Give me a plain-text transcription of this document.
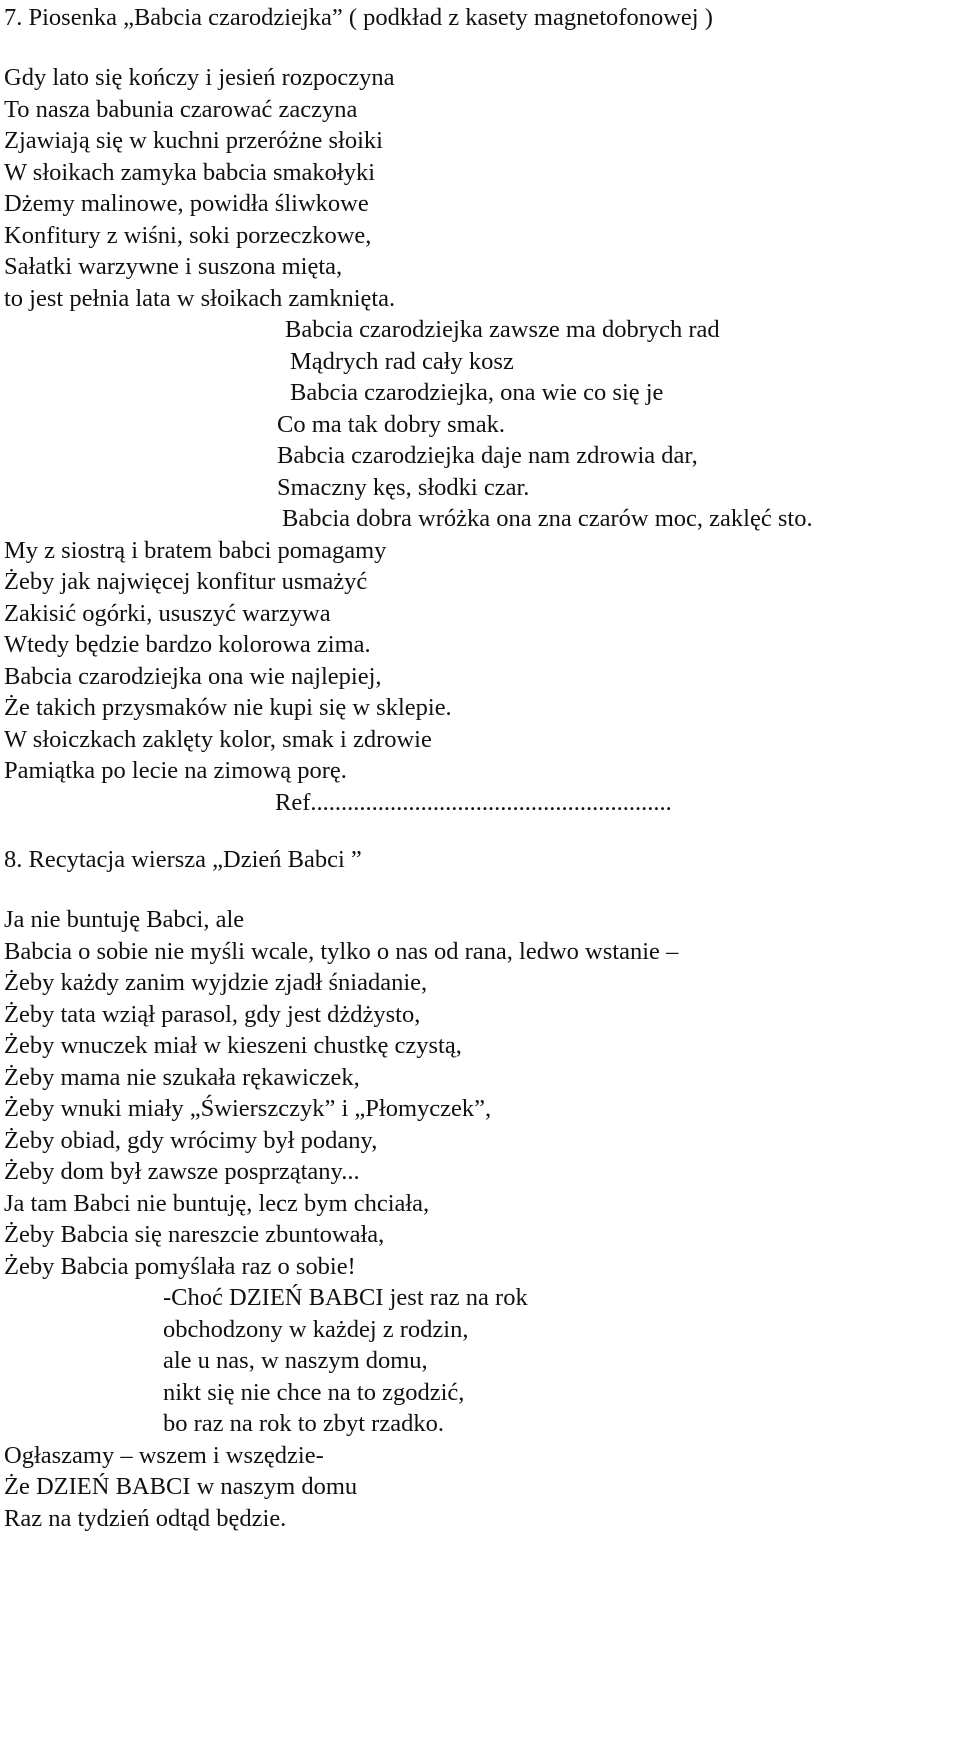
7. Piosenka „Babcia czarodziejka” ( podkład z kasety magnetofonowej )

Gdy lato się kończy i jesień rozpoczyna

To nasza babunia czarować zaczyna

Zjawiają się w kuchni przeróżne słoiki

W słoikach zamyka babcia smakołyki

Dżemy malinowe, powidła śliwkowe

Konfitury z wiśni, soki porzeczkowe,

Sałatki warzywne i suszona mięta,

to jest pełnia lata w słoikach zamknięta.

Babcia czarodziejka zawsze ma dobrych rad

Mądrych rad cały kosz

Babcia czarodziejka, ona wie co się je

Co ma tak dobry smak.

Babcia czarodziejka daje nam zdrowia dar,

Smaczny kęs, słodki czar.

Babcia dobra wróżka ona zna czarów moc, zaklęć sto.

My z siostrą i bratem babci pomagamy

Żeby jak najwięcej konfitur usmażyć

Zakisić ogórki, ususzyć warzywa

Wtedy będzie bardzo kolorowa zima.

Babcia czarodziejka ona wie najlepiej,

Że takich przysmaków nie kupi się w sklepie.

W słoiczkach zaklęty kolor, smak i zdrowie

Pamiątka po lecie na zimową porę.

Ref...........................................................

8. Recytacja wiersza „Dzień Babci ”

Ja nie buntuję Babci, ale

Babcia o sobie nie myśli wcale, tylko o nas od rana, ledwo wstanie –

Żeby każdy zanim wyjdzie zjadł śniadanie,

Żeby tata wziął parasol, gdy jest dżdżysto,

Żeby wnuczek miał w kieszeni chustkę czystą,

Żeby mama nie szukała rękawiczek,

Żeby wnuki miały „Świerszczyk” i „Płomyczek”,

Żeby obiad, gdy wrócimy był podany,

Żeby dom był zawsze posprzątany...

Ja tam Babci nie buntuję, lecz bym chciała,

Żeby Babcia się nareszcie zbuntowała,

Żeby Babcia pomyślała raz o sobie!

-Choć DZIEŃ BABCI jest raz na rok

obchodzony w każdej z rodzin,

ale u nas, w naszym domu,

nikt się nie chce na to zgodzić,

bo raz na rok to zbyt rzadko.

Ogłaszamy – wszem i wszędzie-

Że DZIEŃ BABCI w naszym domu

Raz na tydzień odtąd będzie.
